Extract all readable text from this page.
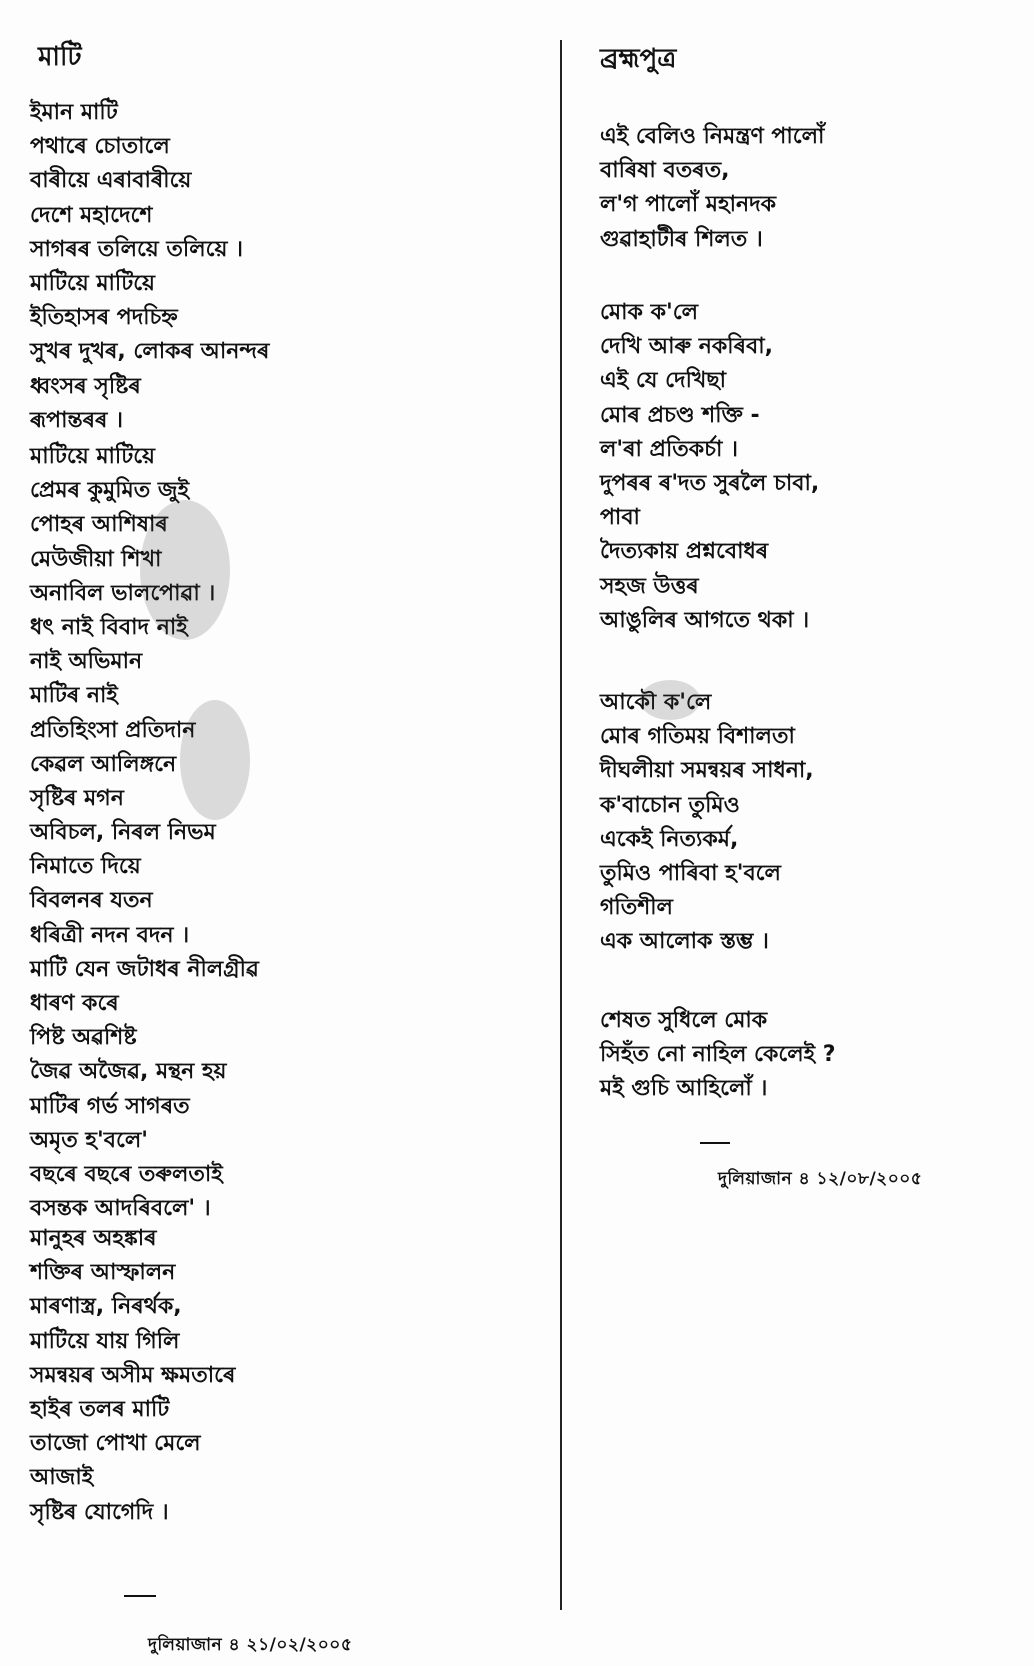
মাটি
ইমান মাটি
পথাৰে চোতালে
বাৰীয়ে এৰাবাৰীয়ে
দেশে মহাদেশে
সাগৰৰ তলিয়ে তলিয়ে ।
মাটিয়ে মাটিয়ে
ইতিহাসৰ পদচিহ্ন
সুখৰ দুখৰ, লোকৰ আনন্দৰ
ধ্বংসৰ সৃষ্টিৰ
ৰূপান্তৰৰ ।
মাটিয়ে মাটিয়ে
প্ৰেমৰ কুমুমিত জুই
পোহৰ আশিষাৰ
মেউজীয়া শিখা
অনাবিল ভালপোৱা ।
ধৎ নাই বিবাদ নাই
নাই অভিমান
মাটিৰ নাই
প্ৰতিহিংসা প্ৰতিদান
কেৱল আলিঙ্গনে
সৃষ্টিৰ মগন
অবিচল, নিৰল নিভম
নিমাতে দিয়ে
বিবলনৰ যতন
ধৰিত্ৰী নদন বদন ।
মাটি যেন জটাধৰ নীলগ্ৰীৱ
ধাৰণ কৰে
পিষ্ট অৱশিষ্ট
জৈৱ অজৈৱ, মন্থন হয়
মাটিৰ গৰ্ভ সাগৰত
অমৃত হ'বলে'
বছৰে বছৰে তৰুলতাই
বসন্তক আদৰিবলে' ।
মানুহৰ অহঙ্কাৰ
শক্তিৰ আস্ফালন
মাৰণাস্ত্ৰ, নিৰৰ্থক,
মাটিয়ে যায় গিলি
সমন্বয়ৰ অসীম ক্ষমতাৰে
হাইৰ তলৰ মাটি
তাজো পোখা মেলে
আজাই
সৃষ্টিৰ যোগেদি ।
দুলিয়াজান ৪ ২১/০২/২০০৫
ব্ৰহ্মপুত্ৰ
এই বেলিও নিমন্ত্ৰণ পালোঁ
বাৰিষা বতৰত,
ল'গ পালোঁ মহানদক
গুৱাহাটীৰ শিলত ।
মোক ক'লে
দেখি আৰু নকৰিবা,
এই যে দেখিছা
মোৰ প্ৰচণ্ড শক্তি -
ল'ৰা প্ৰতিকৰ্চা ।
দুপৰৰ ৰ'দত সুৰলৈ চাবা,
পাবা
দৈত্যকায় প্ৰশ্নবোধৰ
সহজ উত্তৰ
আঙুলিৰ আগতে থকা ।
আকৌ ক'লে
মোৰ গতিময় বিশালতা
দীঘলীয়া সমন্বয়ৰ সাধনা,
ক'বাচোন তুমিও
একেই নিত্যকৰ্ম,
তুমিও পাৰিবা হ'বলে
গতিশীল
এক আলোক স্তম্ভ ।
শেষত সুধিলে মোক
সিহঁত নো নাহিল কেলেই ?
মই গুচি আহিলোঁ ।
দুলিয়াজান ৪ ১২/০৮/২০০৫
